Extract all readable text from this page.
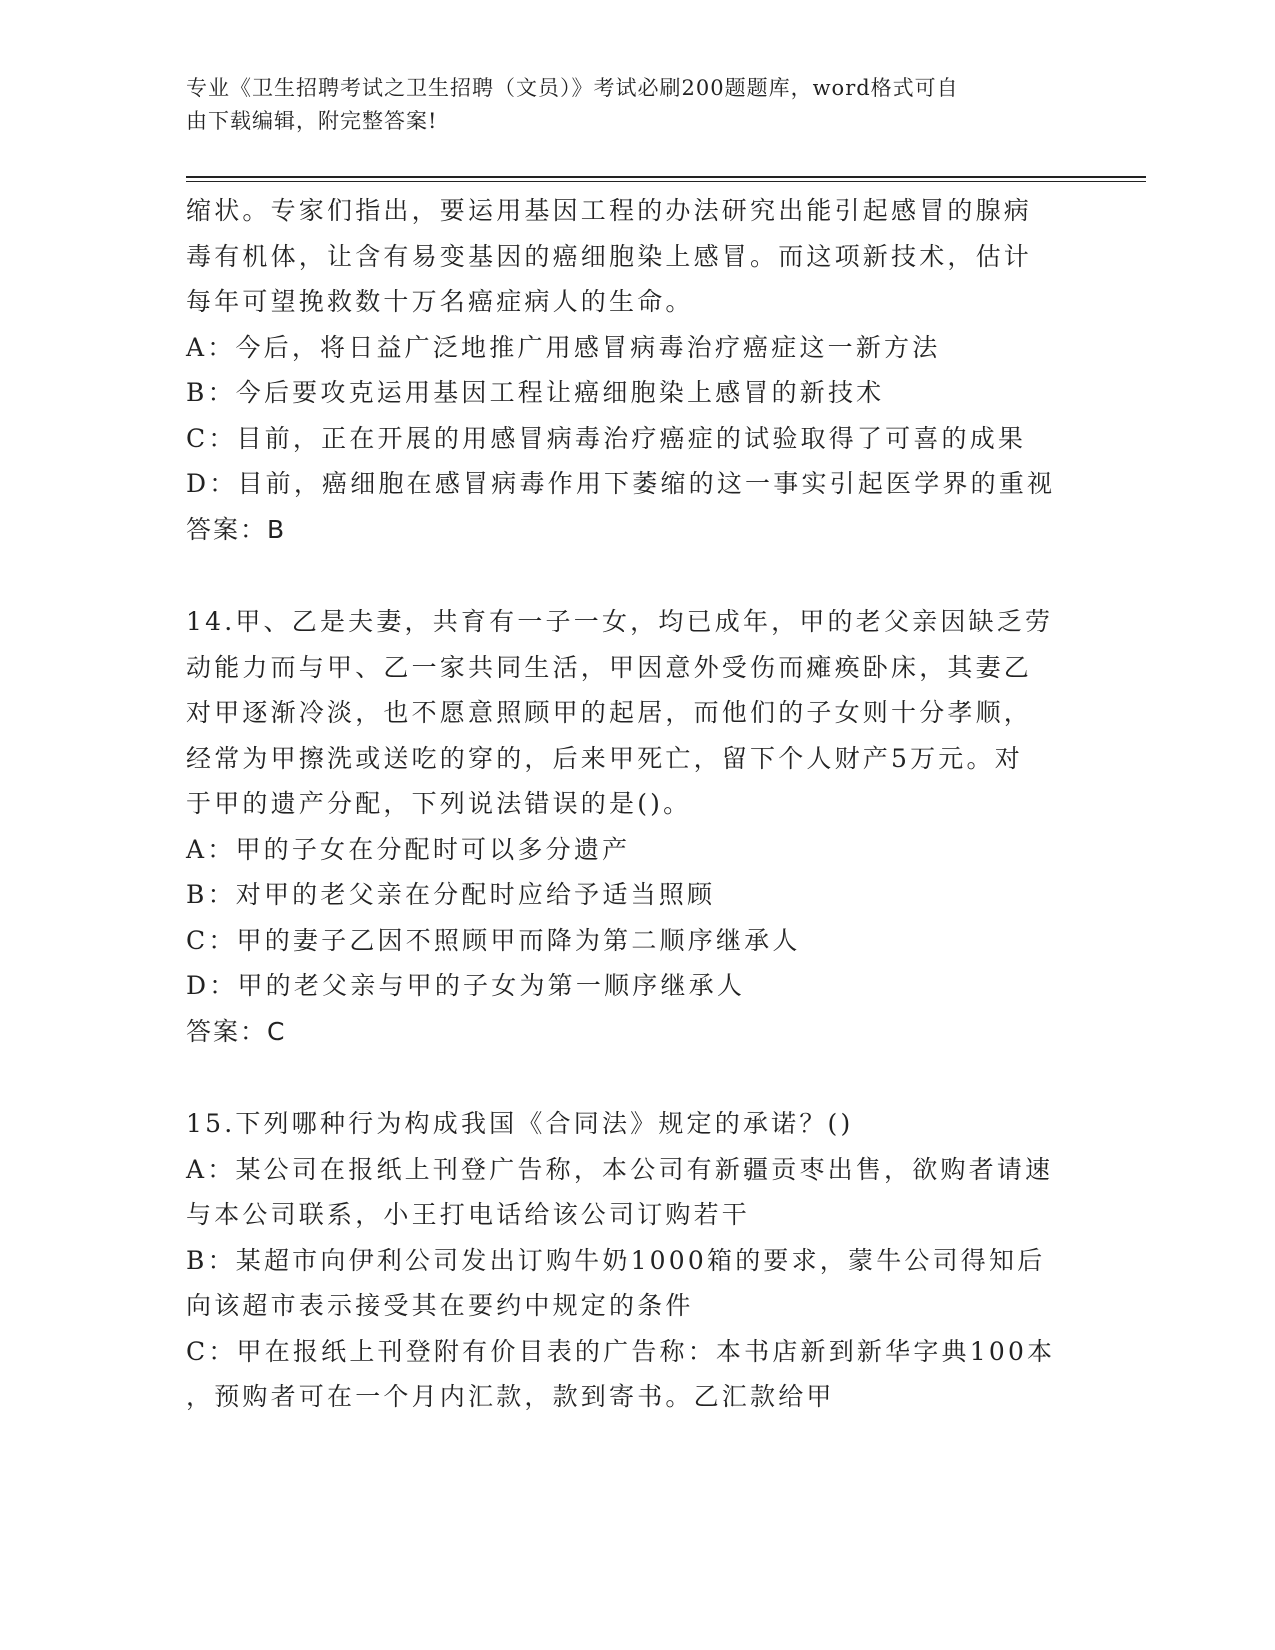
专业《卫生招聘考试之卫生招聘（文员）》考试必刷200题题库，word格式可自
由下载编辑，附完整答案!
缩状。专家们指出，要运用基因工程的办法研究出能引起感冒的腺病
毒有机体，让含有易变基因的癌细胞染上感冒。而这项新技术，估计
每年可望挽救数十万名癌症病人的生命。
A：今后，将日益广泛地推广用感冒病毒治疗癌症这一新方法
B：今后要攻克运用基因工程让癌细胞染上感冒的新技术
C：目前，正在开展的用感冒病毒治疗癌症的试验取得了可喜的成果
D：目前，癌细胞在感冒病毒作用下萎缩的这一事实引起医学界的重视
答案：B
14.甲、乙是夫妻，共育有一子一女，均已成年，甲的老父亲因缺乏劳
动能力而与甲、乙一家共同生活，甲因意外受伤而瘫痪卧床，其妻乙
对甲逐渐冷淡，也不愿意照顾甲的起居，而他们的子女则十分孝顺，
经常为甲擦洗或送吃的穿的，后来甲死亡，留下个人财产5万元。对
于甲的遗产分配，下列说法错误的是()。
A：甲的子女在分配时可以多分遗产
B：对甲的老父亲在分配时应给予适当照顾
C：甲的妻子乙因不照顾甲而降为第二顺序继承人
D：甲的老父亲与甲的子女为第一顺序继承人
答案：C
15.下列哪种行为构成我国《合同法》规定的承诺？()
A：某公司在报纸上刊登广告称，本公司有新疆贡枣出售，欲购者请速
与本公司联系，小王打电话给该公司订购若干
B：某超市向伊利公司发出订购牛奶1000箱的要求，蒙牛公司得知后
向该超市表示接受其在要约中规定的条件
C：甲在报纸上刊登附有价目表的广告称：本书店新到新华字典100本
，预购者可在一个月内汇款，款到寄书。乙汇款给甲
